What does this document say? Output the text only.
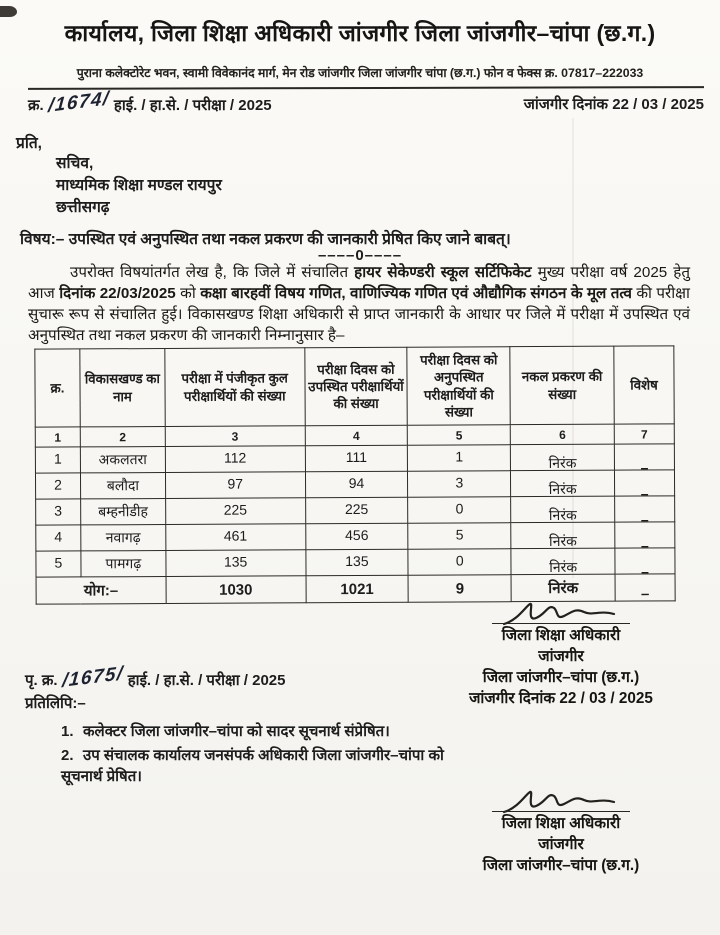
कार्यालय, जिला शिक्षा अधिकारी जांजगीर जिला जांजगीर–चांपा (छ.ग.)
पुराना कलेक्टोरेट भवन, स्वामी विवेकानंद मार्ग, मेन रोड जांजगीर जिला जांजगीर चांपा (छ.ग.) फोन व फेक्स क्र. 07817–222033
क्र. /1674/ हाई. / हा.से. / परीक्षा / 2025	जांजगीर दिनांक 22 / 03 / 2025
प्रति,
सचिव,
माध्यमिक शिक्षा मण्डल रायपुर
छत्तीसगढ़
विषय:– उपस्थित एवं अनुपस्थित तथा नकल प्रकरण की जानकारी प्रेषित किए जाने बाबत्।
––––0––––
उपरोक्त विषयांतर्गत लेख है, कि जिले में संचालित हायर सेकेण्डरी स्कूल सर्टिफिकेट मुख्य परीक्षा वर्ष 2025 हेतु आज दिनांक 22/03/2025 को कक्षा बारहवीं विषय गणित, वाणिज्यिक गणित एवं औद्यौगिक संगठन के मूल तत्व की परीक्षा सुचारू रूप से संचालित हुई। विकासखण्ड शिक्षा अधिकारी से प्राप्त जानकारी के आधार पर जिले में परीक्षा में उपस्थित एवं अनुपस्थित तथा नकल प्रकरण की जानकारी निम्नानुसार है–
क्र.	विकासखण्ड का नाम	परीक्षा में पंजीकृत कुल परीक्षार्थियों की संख्या	परीक्षा दिवस को उपस्थित परीक्षार्थियों की संख्या	परीक्षा दिवस को अनुपस्थित परीक्षार्थियों की संख्या	नकल प्रकरण की संख्या	विशेष
1	2	3	4	5	6	7
1	अकलतरा	112	111	1	निरंक	–
2	बलौदा	97	94	3	निरंक	–
3	बम्हनीडीह	225	225	0	निरंक	–
4	नवागढ़	461	456	5	निरंक	–
5	पामगढ़	135	135	0	निरंक	–
योग:–		1030	1021	9	निरंक	–
जिला शिक्षा अधिकारी
जांजगीर
जिला जांजगीर–चांपा (छ.ग.)
जांजगीर दिनांक 22 / 03 / 2025
पृ. क्र. /1675/ हाई. / हा.से. / परीक्षा / 2025
प्रतिलिपि:–
1. कलेक्टर जिला जांजगीर–चांपा को सादर सूचनार्थ संप्रेषित।
2. उप संचालक कार्यालय जनसंपर्क अधिकारी जिला जांजगीर–चांपा को सूचनार्थ प्रेषित।
जिला शिक्षा अधिकारी
जांजगीर
जिला जांजगीर–चांपा (छ.ग.)
